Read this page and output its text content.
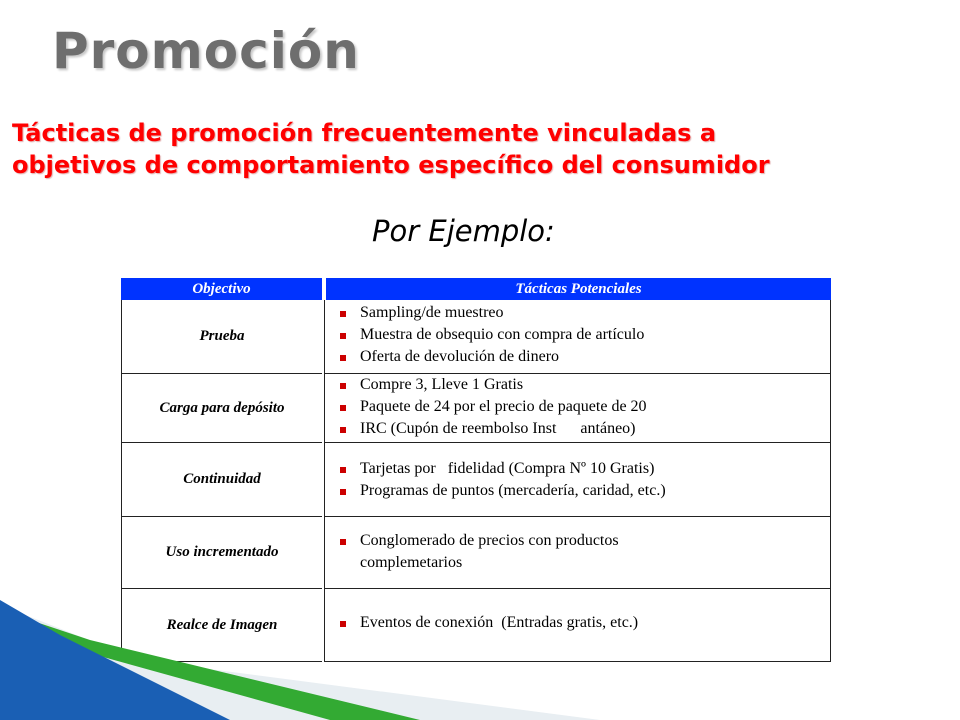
Promoción
Tácticas de promoción frecuentemente vinculadas a
objetivos de comportamiento específico del consumidor
Por Ejemplo:
Objectivo	Tácticas Potenciales
Prueba
Sampling/de muestreo
Muestra de obsequio con compra de artículo
Oferta de devolución de dinero
Carga para depósito
Compre 3, Lleve 1 Gratis
Paquete de 24 por el precio de paquete de 20
IRC (Cupón de reembolso Inst      antáneo)
Continuidad
Tarjetas por   fidelidad (Compra Nº 10 Gratis)
Programas de puntos (mercadería, caridad, etc.)
Uso incrementado
Conglomerado de precios con productos complemetarios
Realce de Imagen	Eventos de conexión  (Entradas gratis, etc.)
